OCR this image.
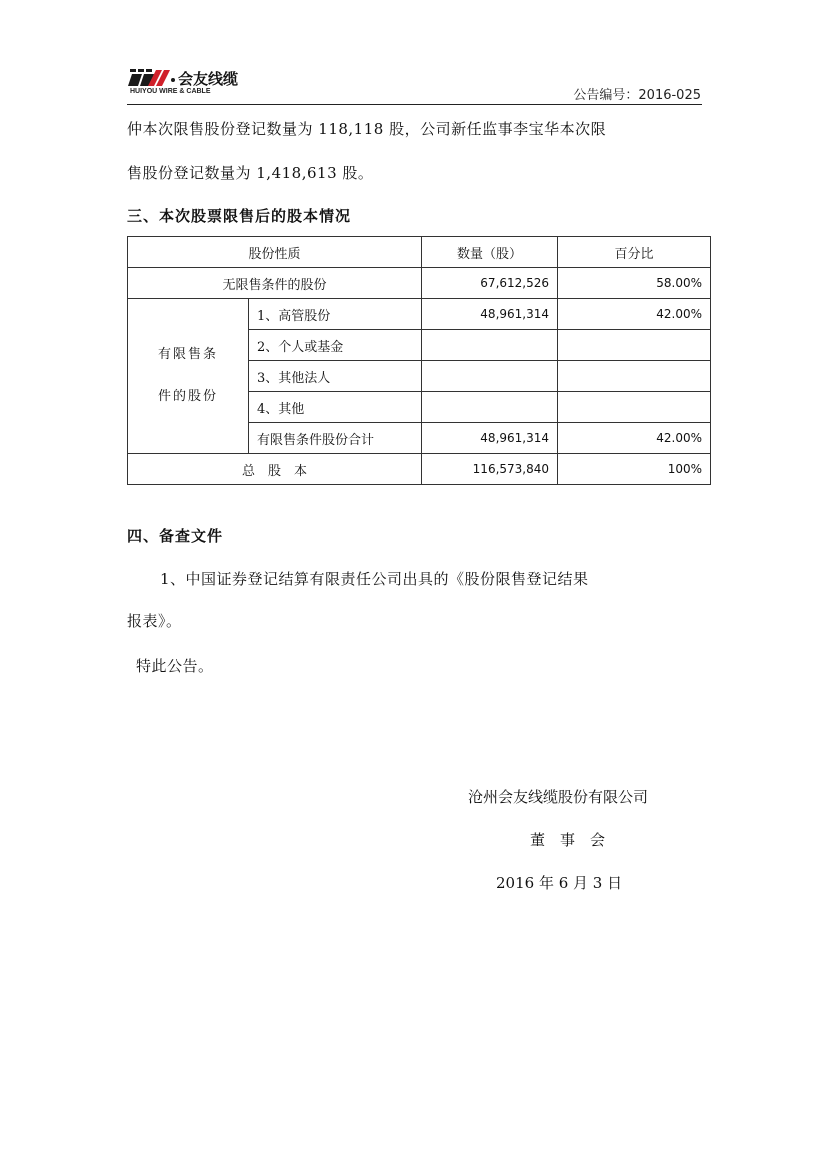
会友线缆
HUIYOU WIRE & CABLE	公告编号：2016-025
仲本次限售股份登记数量为 118,118 股，公司新任监事李宝华本次限
售股份登记数量为 1,418,613 股。
三、本次股票限售后的股本情况
股份性质		数量（股）	百分比
无限售条件的股份		67,612,526	58.00%

有限售条
件的股份	1、高管股份	48,961,314	42.00%
	2、个人或基金		
	3、其他法人		
	4、其他		
	有限售条件股份合计	48,961,314	42.00%
总　股　本		116,573,840	100%
四、备查文件
1、中国证券登记结算有限责任公司出具的《股份限售登记结果
报表》。
特此公告。
沧州会友线缆股份有限公司
董　事　会
2016 年 6 月 3 日
